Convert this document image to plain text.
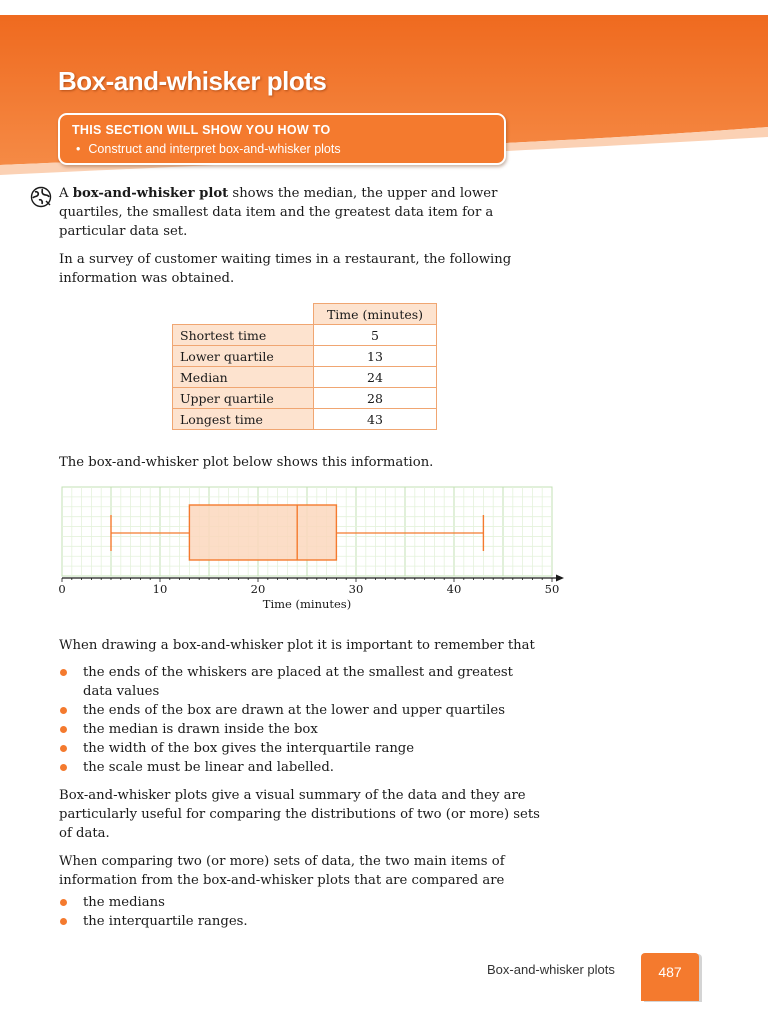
Box-and-whisker plots
THIS SECTION WILL SHOW YOU HOW TO
• Construct and interpret box-and-whisker plots
A box-and-whisker plot shows the median, the upper and lower quartiles, the smallest data item and the greatest data item for a particular data set.
In a survey of customer waiting times in a restaurant, the following information was obtained.
	Time (minutes)
Shortest time	5
Lower quartile	13
Median	24
Upper quartile	28
Longest time	43
The box-and-whisker plot below shows this information.
0	10	20	30	40	50
Time (minutes)
When drawing a box-and-whisker plot it is important to remember that
the ends of the whiskers are placed at the smallest and greatest data values
the ends of the box are drawn at the lower and upper quartiles
the median is drawn inside the box
the width of the box gives the interquartile range
the scale must be linear and labelled.
Box-and-whisker plots give a visual summary of the data and they are particularly useful for comparing the distributions of two (or more) sets of data.
When comparing two (or more) sets of data, the two main items of information from the box-and-whisker plots that are compared are
the medians
the interquartile ranges.
Box-and-whisker plots	487
